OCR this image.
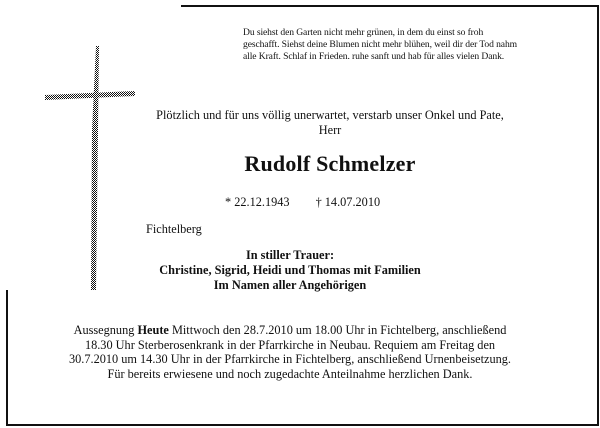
Du siehst den Garten nicht mehr grünen, in dem du einst so froh
geschafft. Siehst deine Blumen nicht mehr blühen, weil dir der Tod nahm
alle Kraft. Schlaf in Frieden. ruhe sanft und hab für alles vielen Dank.
Plötzlich und für uns völlig unerwartet, verstarb unser Onkel und Pate,
Herr
Rudolf Schmelzer
* 22.12.1943 † 14.07.2010
Fichtelberg
In stiller Trauer:
Christine, Sigrid, Heidi und Thomas mit Familien
Im Namen aller Angehörigen
Aussegnung Heute Mittwoch den 28.7.2010 um 18.00 Uhr in Fichtelberg, anschließend
18.30 Uhr Sterberosenkrank in der Pfarrkirche in Neubau. Requiem am Freitag den
30.7.2010 um 14.30 Uhr in der Pfarrkirche in Fichtelberg, anschließend Urnenbeisetzung.
Für bereits erwiesene und noch zugedachte Anteilnahme herzlichen Dank.
